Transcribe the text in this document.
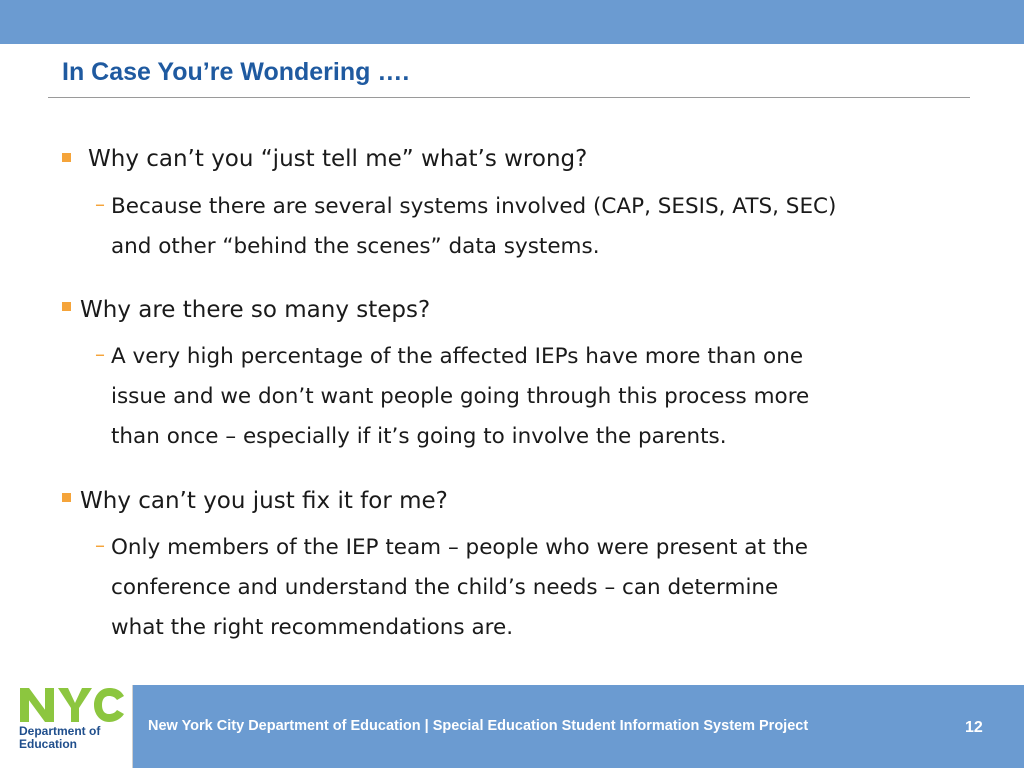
In Case You’re Wondering ….
Why can’t you “just tell me” what’s wrong?
– Because there are several systems involved (CAP, SESIS, ATS, SEC)
and other “behind the scenes” data systems.
Why are there so many steps?
– A very high percentage of the affected IEPs have more than one
issue and we don’t want people going through this process more
than once – especially if it’s going to involve the parents.
Why can’t you just fix it for me?
– Only members of the IEP team – people who were present at the
conference and understand the child’s needs – can determine
what the right recommendations are.
Department of
Education
New York City Department of Education | Special Education Student Information System Project	12
